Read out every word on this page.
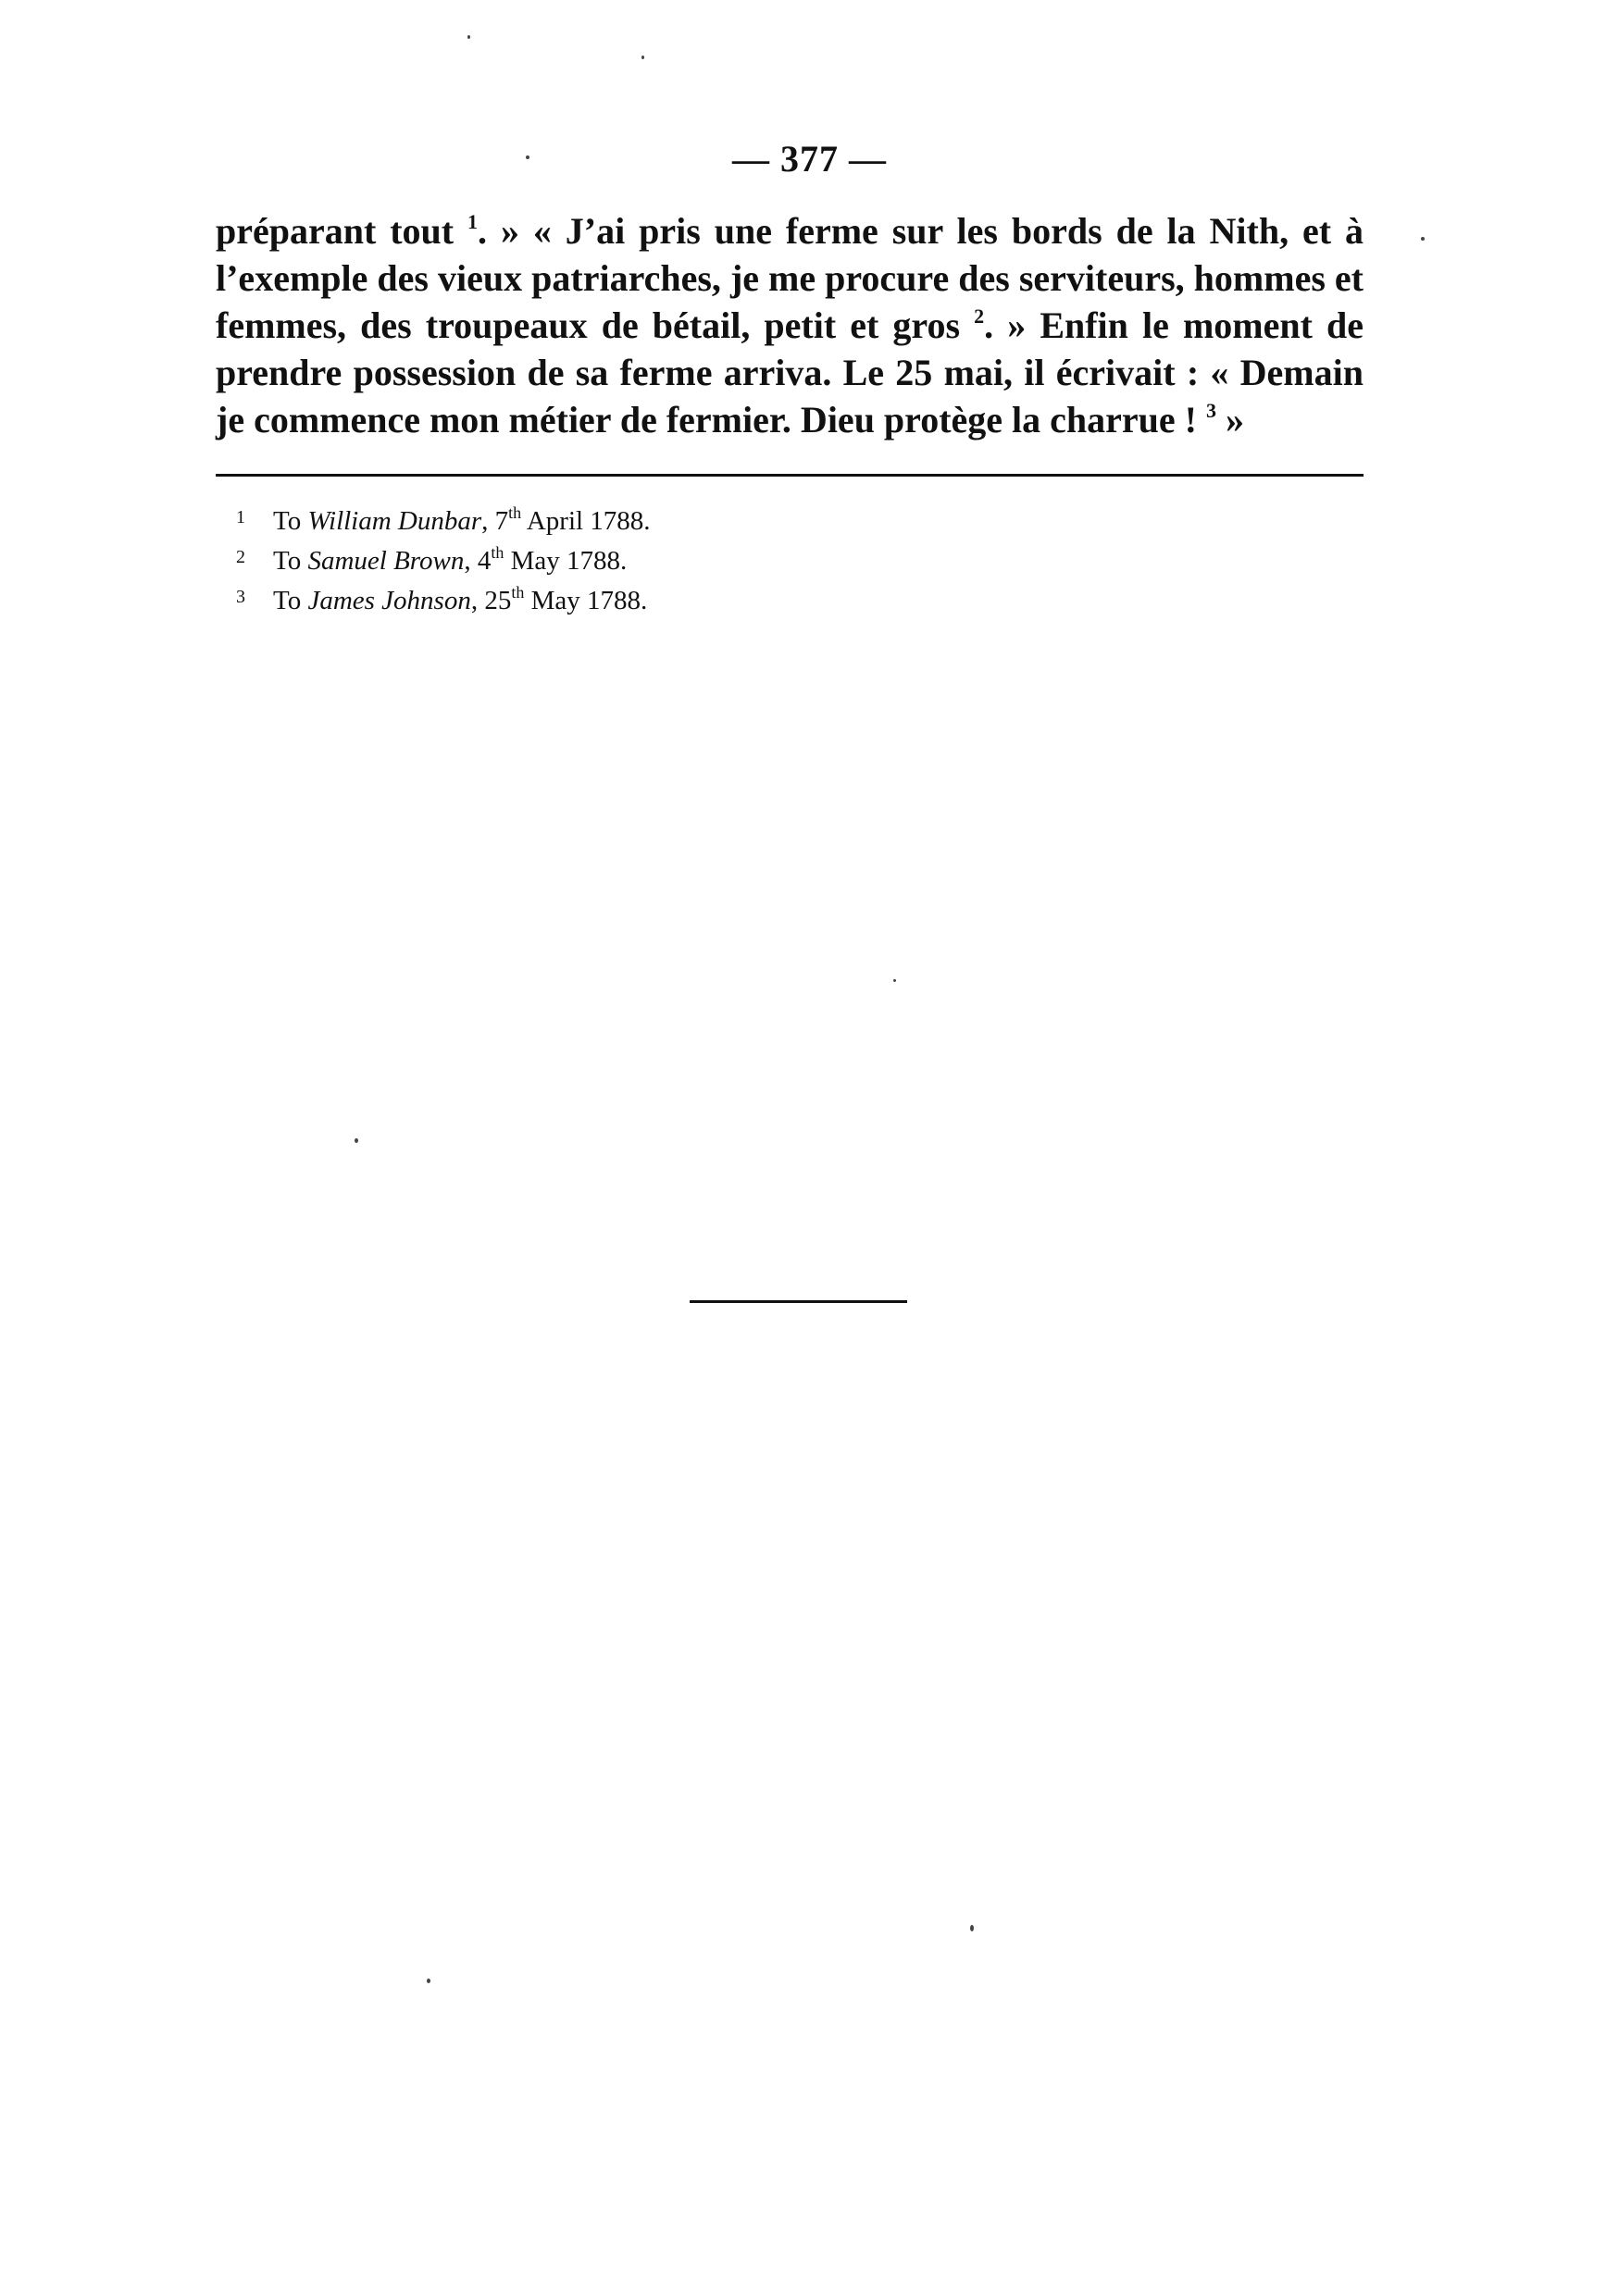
— 377 —
préparant tout $^1$. » « J’ai pris une ferme sur les bords de la Nith, et à
l’exemple des vieux patriarches, je me procure des serviteurs, hommes et
femmes, des troupeaux de bétail, petit et gros $^2$. » Enfin le moment de
prendre possession de sa ferme arriva. Le 25 mai, il écrivait : « Demain
je commence mon métier de fermier. Dieu protège la charrue ! $^3$ »
1 To William Dunbar, 7th April 1788.
2 To Samuel Brown, 4th May 1788.
3 To James Johnson, 25th May 1788.
